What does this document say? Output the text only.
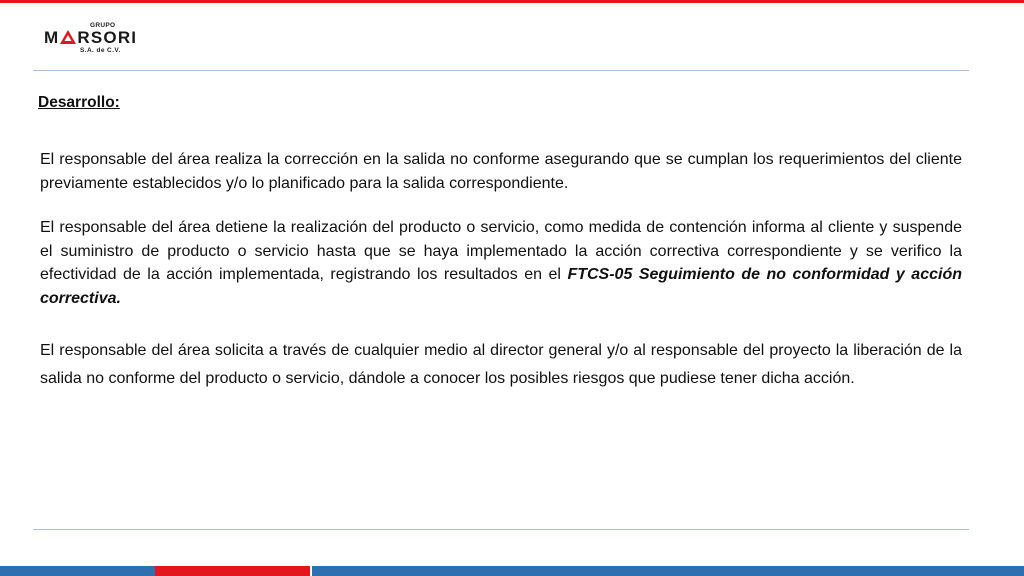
GRUPO
M RSORI
S.A. de C.V.
Desarrollo:

El responsable del área realiza la corrección en la salida no conforme asegurando que se cumplan los requerimientos del cliente previamente establecidos y/o lo planificado para la salida correspondiente.

El responsable del área detiene la realización del producto o servicio, como medida de contención informa al cliente y suspende el suministro de producto o servicio hasta que se haya implementado la acción correctiva correspondiente y se verifico la efectividad de la acción implementada, registrando los resultados en el FTCS-05 Seguimiento de no conformidad y acción correctiva.

El responsable del área solicita a través de cualquier medio al director general y/o al responsable del proyecto la liberación de la salida no conforme del producto o servicio, dándole a conocer los posibles riesgos que pudiese tener dicha acción.
